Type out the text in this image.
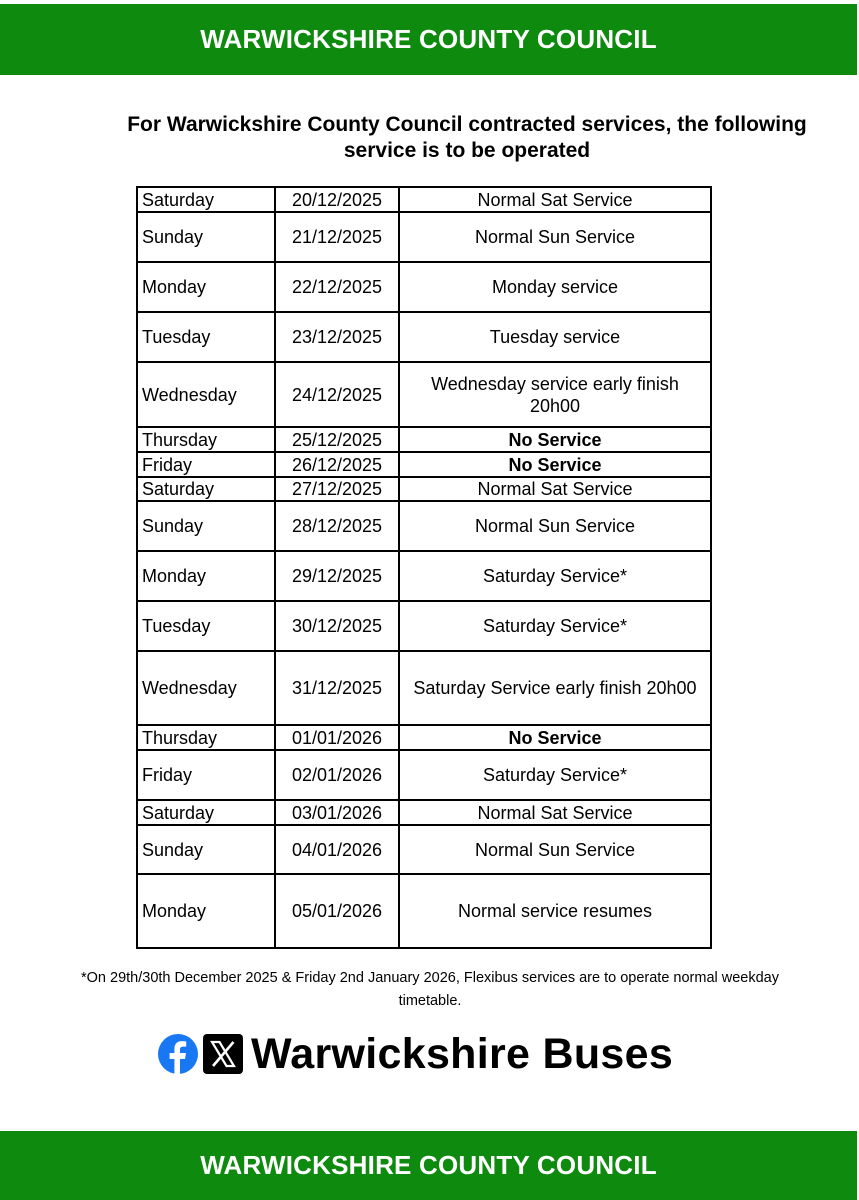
WARWICKSHIRE COUNTY COUNCIL
For Warwickshire County Council contracted services, the following service is to be operated
Saturday	20/12/2025	Normal Sat Service
Sunday	21/12/2025	Normal Sun Service
Monday	22/12/2025	Monday service
Tuesday	23/12/2025	Tuesday service
Wednesday	24/12/2025	Wednesday service early finish 20h00
Thursday	25/12/2025	No Service
Friday	26/12/2025	No Service
Saturday	27/12/2025	Normal Sat Service
Sunday	28/12/2025	Normal Sun Service
Monday	29/12/2025	Saturday Service*
Tuesday	30/12/2025	Saturday Service*
Wednesday	31/12/2025	Saturday Service early finish 20h00
Thursday	01/01/2026	No Service
Friday	02/01/2026	Saturday Service*
Saturday	03/01/2026	Normal Sat Service
Sunday	04/01/2026	Normal Sun Service
Monday	05/01/2026	Normal service resumes
*On 29th/30th December 2025 & Friday 2nd January 2026, Flexibus services are to operate normal weekday timetable.
Warwickshire Buses
WARWICKSHIRE COUNTY COUNCIL
